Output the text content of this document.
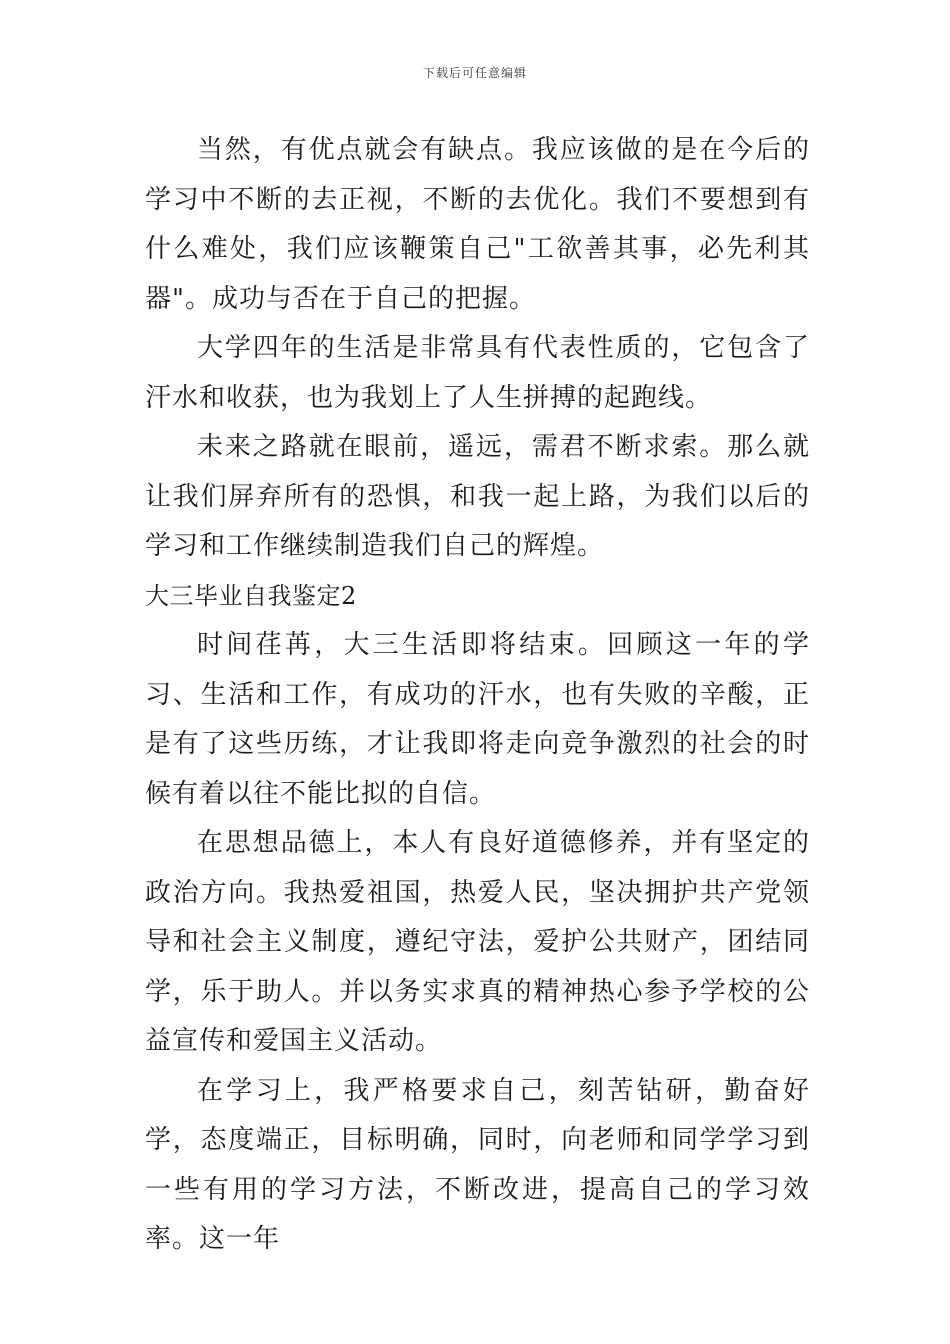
下载后可任意编辑

当然，有优点就会有缺点。我应该做的是在今后的学习中不断的去正视，不断的去优化。我们不要想到有什么难处，我们应该鞭策自己"工欲善其事，必先利其器"。成功与否在于自己的把握。

大学四年的生活是非常具有代表性质的，它包含了汗水和收获，也为我划上了人生拼搏的起跑线。

未来之路就在眼前，遥远，需君不断求索。那么就让我们屏弃所有的恐惧，和我一起上路，为我们以后的学习和工作继续制造我们自己的辉煌。

大三毕业自我鉴定2

时间荏苒，大三生活即将结束。回顾这一年的学习、生活和工作，有成功的汗水，也有失败的辛酸，正是有了这些历练，才让我即将走向竞争激烈的社会的时候有着以往不能比拟的自信。

在思想品德上，本人有良好道德修养，并有坚定的政治方向。我热爱祖国，热爱人民，坚决拥护共产党领导和社会主义制度，遵纪守法，爱护公共财产，团结同学，乐于助人。并以务实求真的精神热心参予学校的公益宣传和爱国主义活动。

在学习上，我严格要求自己，刻苦钻研，勤奋好学，态度端正，目标明确，同时，向老师和同学学习到一些有用的学习方法，不断改进，提高自己的学习效率。这一年
